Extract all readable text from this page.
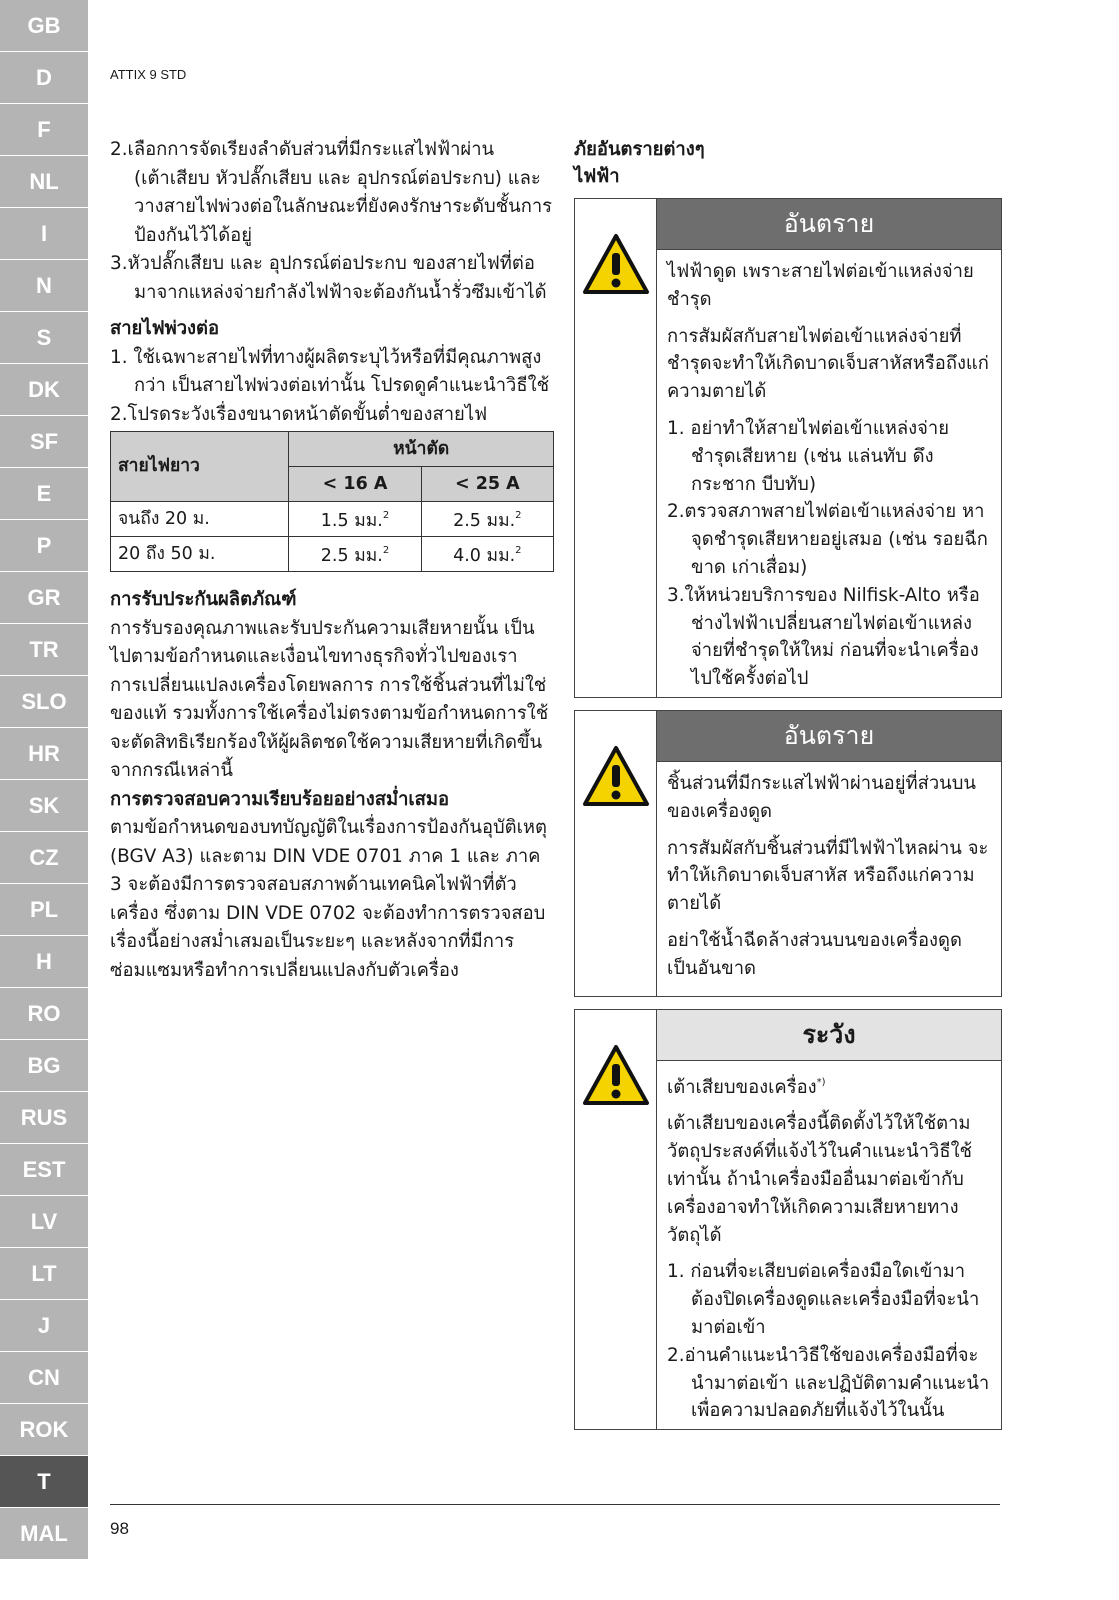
GB
D
F
NL
I
N
S
DK
SF
E
P
GR
TR
SLO
HR
SK
CZ
PL
H
RO
BG
RUS
EST
LV
LT
J
CN
ROK
T
MAL
ATTIX 9 STD

2.เลือกการจัดเรียงลำดับส่วนที่มีกระแสไฟฟ้าผ่าน (เต้าเสียบ หัวปลั๊กเสียบ และ อุปกรณ์ต่อประกบ) และวางสายไฟพ่วงต่อในลักษณะที่ยังคงรักษาระดับชั้นการป้องกันไว้ได้อยู่

3.หัวปลั๊กเสียบ และ อุปกรณ์ต่อประกบ ของสายไฟที่ต่อมาจากแหล่งจ่ายกำลังไฟฟ้าจะต้องกันน้ำรั่วซึมเข้าได้

สายไฟพ่วงต่อ

1. ใช้เฉพาะสายไฟที่ทางผู้ผลิตระบุไว้หรือที่มีคุณภาพสูงกว่า เป็นสายไฟพ่วงต่อเท่านั้น โปรดดูคำแนะนำวิธีใช้

2.โปรดระวังเรื่องขนาดหน้าตัดขั้นต่ำของสายไฟ

สายไฟยาว	หน้าตัด	
	< 16 A	< 25 A
จนถึง 20 ม.	1.5 มม.$^2$	2.5 มม.$^2$
20 ถึง 50 ม.	2.5 มม.$^2$	4.0 มม.$^2$

การรับประกันผลิตภัณฑ์

การรับรองคุณภาพและรับประกันความเสียหายนั้น เป็นไปตามข้อกำหนดและเงื่อนไขทางธุรกิจทั่วไปของเรา

การเปลี่ยนแปลงเครื่องโดยพลการ การใช้ชิ้นส่วนที่ไม่ใช่ของแท้ รวมทั้งการใช้เครื่องไม่ตรงตามข้อกำหนดการใช้ จะตัดสิทธิเรียกร้องให้ผู้ผลิตชดใช้ความเสียหายที่เกิดขึ้นจากกรณีเหล่านี้

การตรวจสอบความเรียบร้อยอย่างสม่ำเสมอ

ตามข้อกำหนดของบทบัญญัติในเรื่องการป้องกันอุบัติเหตุ (BGV A3) และตาม DIN VDE 0701 ภาค 1 และ ภาค 3 จะต้องมีการตรวจสอบสภาพด้านเทคนิคไฟฟ้าที่ตัวเครื่อง ซึ่งตาม DIN VDE 0702 จะต้องทำการตรวจสอบเรื่องนี้อย่างสม่ำเสมอเป็นระยะๆ และหลังจากที่มีการซ่อมแซมหรือทำการเปลี่ยนแปลงกับตัวเครื่อง

ภัยอันตรายต่างๆ
ไฟฟ้า

อันตราย

ไฟฟ้าดูด เพราะสายไฟต่อเข้าแหล่งจ่ายชำรุด

การสัมผัสกับสายไฟต่อเข้าแหล่งจ่ายที่ชำรุดจะทำให้เกิดบาดเจ็บสาหัสหรือถึงแก่ความตายได้

1. อย่าทำให้สายไฟต่อเข้าแหล่งจ่ายชำรุดเสียหาย (เช่น แล่นทับ ดึงกระชาก บีบทับ)

2.ตรวจสภาพสายไฟต่อเข้าแหล่งจ่าย หาจุดชำรุดเสียหายอยู่เสมอ (เช่น รอยฉีกขาด เก่าเสื่อม)

3.ให้หน่วยบริการของ Nilfisk-Alto หรือช่างไฟฟ้าเปลี่ยนสายไฟต่อเข้าแหล่งจ่ายที่ชำรุดให้ใหม่ ก่อนที่จะนำเครื่องไปใช้ครั้งต่อไป

อันตราย

ชิ้นส่วนที่มีกระแสไฟฟ้าผ่านอยู่ที่ส่วนบนของเครื่องดูด

การสัมผัสกับชิ้นส่วนที่มีไฟฟ้าไหลผ่าน จะทำให้เกิดบาดเจ็บสาหัส หรือถึงแก่ความตายได้

อย่าใช้น้ำฉีดล้างส่วนบนของเครื่องดูดเป็นอันขาด

ระวัง

เต้าเสียบของเครื่อง*)

เต้าเสียบของเครื่องนี้ติดตั้งไว้ให้ใช้ตามวัตถุประสงค์ที่แจ้งไว้ในคำแนะนำวิธีใช้เท่านั้น ถ้านำเครื่องมืออื่นมาต่อเข้ากับเครื่องอาจทำให้เกิดความเสียหายทางวัตถุได้

1. ก่อนที่จะเสียบต่อเครื่องมือใดเข้ามา ต้องปิดเครื่องดูดและเครื่องมือที่จะนำมาต่อเข้า

2.อ่านคำแนะนำวิธีใช้ของเครื่องมือที่จะนำมาต่อเข้า และปฏิบัติตามคำแนะนำเพื่อความปลอดภัยที่แจ้งไว้ในนั้น

98
